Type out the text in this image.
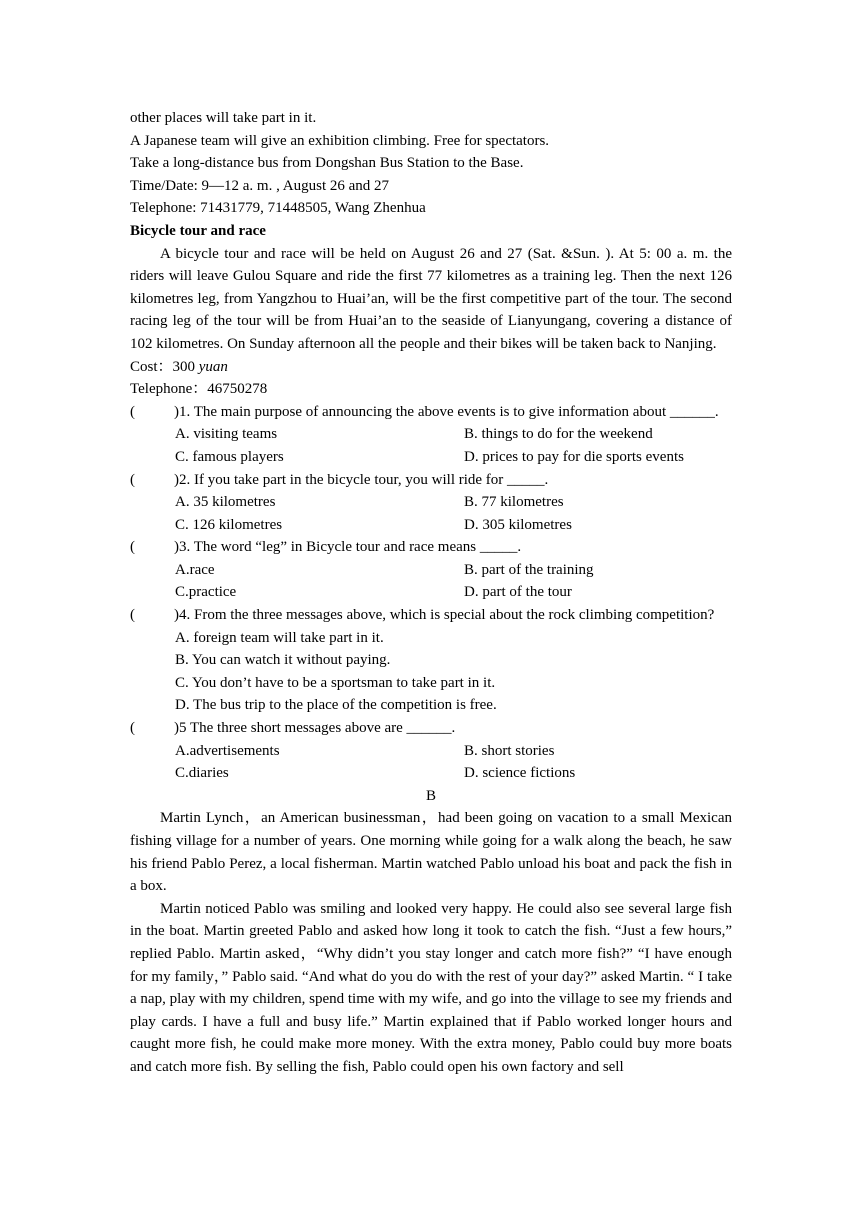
other places will take part in it.
A Japanese team will give an exhibition climbing. Free for spectators.
Take a long-distance bus from Dongshan Bus Station to the Base.
Time/Date: 9—12 a. m. , August 26 and 27
Telephone: 71431779, 71448505, Wang Zhenhua
Bicycle tour and race

A bicycle tour and race will be held on August 26 and 27 (Sat. &Sun. ). At 5: 00 a. m. the riders will leave Gulou Square and ride the first 77 kilometres as a training leg. Then the next 126 kilometres leg, from Yangzhou to Huai’an, will be the first competitive part of the tour. The second racing leg of the tour will be from Huai’an to the seaside of Lianyungang, covering a distance of 102 kilometres. On Sunday afternoon all the people and their bikes will be taken back to Nanjing.

Cost：300 yuan
Telephone：46750278
(	)1. The main purpose of announcing the above events is to give information about ______.
A. visiting teams	B. things to do for the weekend
C. famous players	D. prices to pay for die sports events
(	)2. If you take part in the bicycle tour, you will ride for _____.
A. 35 kilometres	B. 77 kilometres
C. 126 kilometres	D. 305 kilometres
(	)3. The word “leg” in Bicycle tour and race means _____.
A.race	B. part of the training
C.practice	D. part of the tour
(	)4. From the three messages above, which is special about the rock climbing competition?
A. foreign team will take part in it.
B. You can watch it without paying.
C. You don’t have to be a sportsman to take part in it.
D. The bus trip to the place of the competition is free.
(	)5 The three short messages above are ______.
A.advertisements	B. short stories
C.diaries	D. science fictions
B

Martin Lynch，an American businessman，had been going on vacation to a small Mexican fishing village for a number of years. One morning while going for a walk along the beach, he saw his friend Pablo Perez, a local fisherman. Martin watched Pablo unload his boat and pack the fish in a box.

Martin noticed Pablo was smiling and looked very happy. He could also see several large fish in the boat. Martin greeted Pablo and asked how long it took to catch the fish. “Just a few hours,” replied Pablo. Martin asked，“Why didn’t you stay longer and catch more fish?” “I have enough for my family，” Pablo said. “And what do you do with the rest of your day?” asked Martin. “ I take a nap, play with my children, spend time with my wife, and go into the village to see my friends and play cards. I have a full and busy life.” Martin explained that if Pablo worked longer hours and caught more fish, he could make more money. With the extra money, Pablo could buy more boats and catch more fish. By selling the fish, Pablo could open his own factory and sell
